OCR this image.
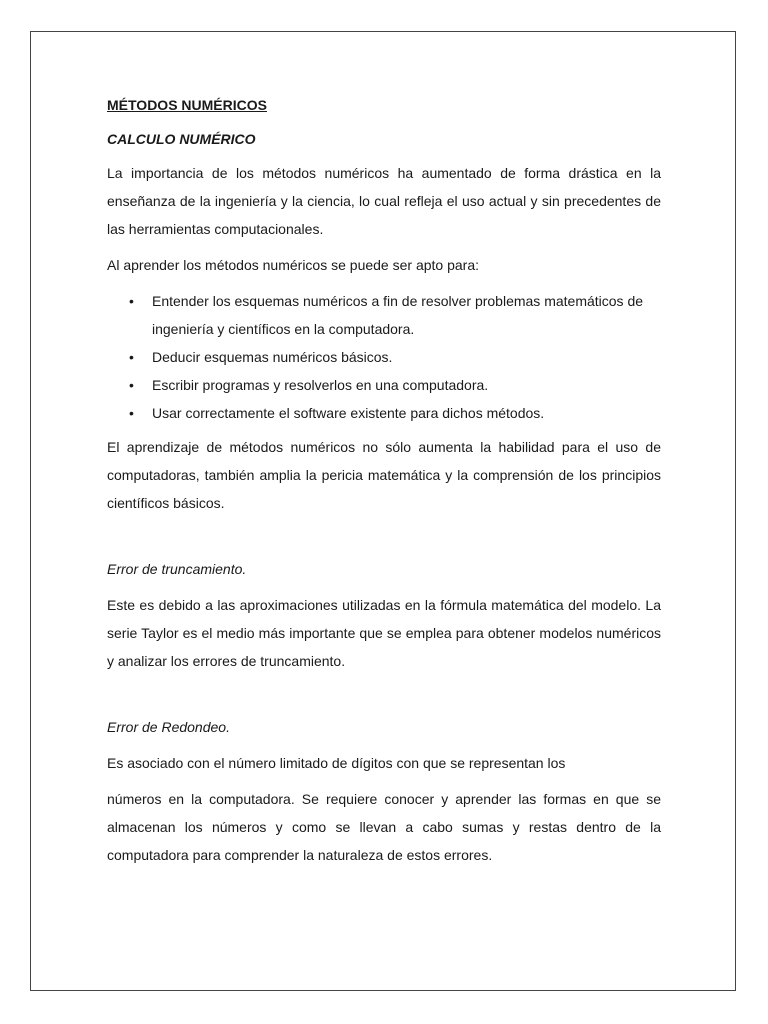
MÉTODOS NUMÉRICOS

CALCULO NUMÉRICO

La importancia de los métodos numéricos ha aumentado de forma drástica en la enseñanza de la ingeniería y la ciencia, lo cual refleja el uso actual y sin precedentes de las herramientas computacionales.

Al aprender los métodos numéricos se puede ser apto para:

•	Entender los esquemas numéricos a fin de resolver problemas matemáticos de ingeniería y científicos en la computadora.
•	Deducir esquemas numéricos básicos.
•	Escribir programas y resolverlos en una computadora.
•	Usar correctamente el software existente para dichos métodos.

El aprendizaje de métodos numéricos no sólo aumenta la habilidad para el uso de computadoras, también amplia la pericia matemática y la comprensión de los principios científicos básicos.

Error de truncamiento.

Este es debido a las aproximaciones utilizadas en la fórmula matemática del modelo. La serie Taylor es el medio más importante que se emplea para obtener modelos numéricos y analizar los errores de truncamiento.

Error de Redondeo.

Es asociado con el número limitado de dígitos con que se representan los

números en la computadora. Se requiere conocer y aprender las formas en que se almacenan los números y como se llevan a cabo sumas y restas dentro de la computadora para comprender la naturaleza de estos errores.
